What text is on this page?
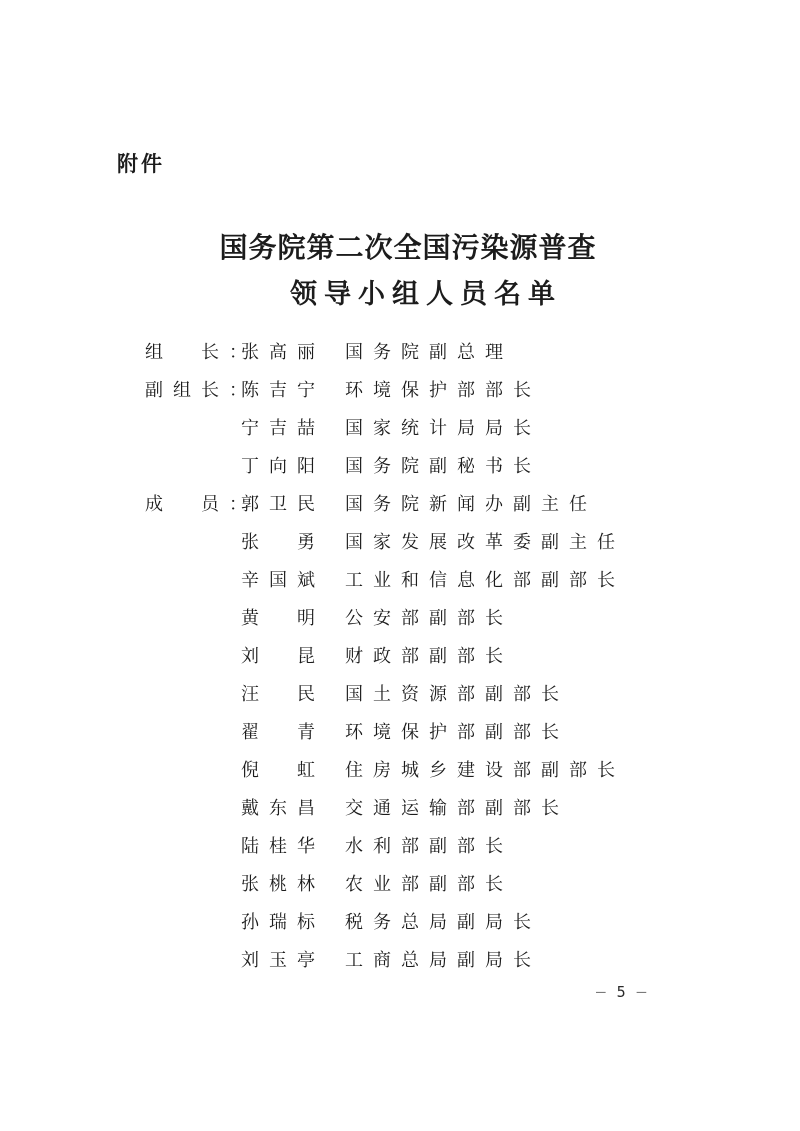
附件
国务院第二次全国污染源普查
领导小组人员名单
组　长：
张高丽 国务院副总理
副组长：
陈吉宁 环境保护部部长
宁吉喆 国家统计局局长
丁向阳 国务院副秘书长
成　员：
郭卫民 国务院新闻办副主任
张　勇 国家发展改革委副主任
辛国斌 工业和信息化部副部长
黄　明 公安部副部长
刘　昆 财政部副部长
汪　民 国土资源部副部长
翟　青 环境保护部副部长
倪　虹 住房城乡建设部副部长
戴东昌 交通运输部副部长
陆桂华 水利部副部长
张桃林 农业部副部长
孙瑞标 税务总局副局长
刘玉亭 工商总局副局长
— 5 —
